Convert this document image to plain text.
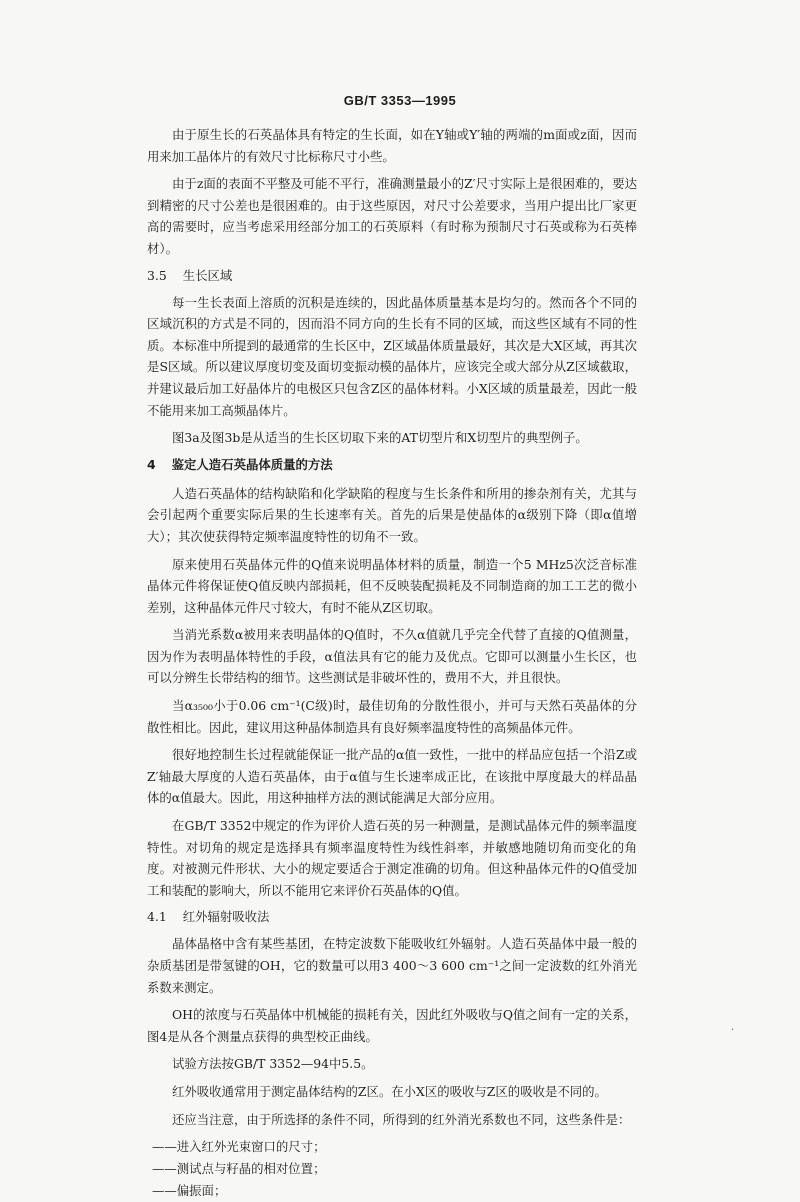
GB/T 3353—1995

由于原生长的石英晶体具有特定的生长面，如在Y轴或Y′轴的两端的m面或z面，因而用来加工晶体片的有效尺寸比标称尺寸小些。

由于z面的表面不平整及可能不平行，准确测量最小的Z′尺寸实际上是很困难的，要达到精密的尺寸公差也是很困难的。由于这些原因，对尺寸公差要求，当用户提出比厂家更高的需要时，应当考虑采用经部分加工的石英原料（有时称为预制尺寸石英或称为石英棒材）。

3.5 生长区域

每一生长表面上溶质的沉积是连续的，因此晶体质量基本是均匀的。然而各个不同的区域沉积的方式是不同的，因而沿不同方向的生长有不同的区域，而这些区域有不同的性质。本标准中所提到的最通常的生长区中，Z区域晶体质量最好，其次是大X区域，再其次是S区域。所以建议厚度切变及面切变振动模的晶体片，应该完全或大部分从Z区域截取，并建议最后加工好晶体片的电极区只包含Z区的晶体材料。小X区域的质量最差，因此一般不能用来加工高频晶体片。

图3a及图3b是从适当的生长区切取下来的AT切型片和X切型片的典型例子。

4 鉴定人造石英晶体质量的方法

人造石英晶体的结构缺陷和化学缺陷的程度与生长条件和所用的掺杂剂有关，尤其与会引起两个重要实际后果的生长速率有关。首先的后果是使晶体的α级别下降（即α值增大）；其次使获得特定频率温度特性的切角不一致。

原来使用石英晶体元件的Q值来说明晶体材料的质量，制造一个5 MHz5次泛音标准晶体元件将保证使Q值反映内部损耗，但不反映装配损耗及不同制造商的加工工艺的微小差别，这种晶体元件尺寸较大，有时不能从Z区切取。

当消光系数α被用来表明晶体的Q值时，不久α值就几乎完全代替了直接的Q值测量，因为作为表明晶体特性的手段，α值法具有它的能力及优点。它即可以测量小生长区，也可以分辨生长带结构的细节。这些测试是非破坏性的，费用不大，并且很快。

当α₃₅₀₀小于0.06 cm⁻¹(C级)时，最佳切角的分散性很小，并可与天然石英晶体的分散性相比。因此，建议用这种晶体制造具有良好频率温度特性的高频晶体元件。

很好地控制生长过程就能保证一批产品的α值一致性，一批中的样品应包括一个沿Z或Z′轴最大厚度的人造石英晶体，由于α值与生长速率成正比，在该批中厚度最大的样品晶体的α值最大。因此，用这种抽样方法的测试能满足大部分应用。

在GB/T 3352中规定的作为评价人造石英的另一种测量，是测试晶体元件的频率温度特性。对切角的规定是选择具有频率温度特性为线性斜率，并敏感地随切角而变化的角度。对被测元件形状、大小的规定要适合于测定准确的切角。但这种晶体元件的Q值受加工和装配的影响大，所以不能用它来评价石英晶体的Q值。

4.1 红外辐射吸收法

晶体晶格中含有某些基团，在特定波数下能吸收红外辐射。人造石英晶体中最一般的杂质基团是带氢键的OH，它的数量可以用3 400～3 600 cm⁻¹之间一定波数的红外消光系数来测定。

OH的浓度与石英晶体中机械能的损耗有关，因此红外吸收与Q值之间有一定的关系，图4是从各个测量点获得的典型校正曲线。

试验方法按GB/T 3352—94中5.5。

红外吸收通常用于测定晶体结构的Z区。在小X区的吸收与Z区的吸收是不同的。

还应当注意，由于所选择的条件不同，所得到的红外消光系数也不同，这些条件是：

——进入红外光束窗口的尺寸；

——测试点与籽晶的相对位置；

——偏振面；

.
